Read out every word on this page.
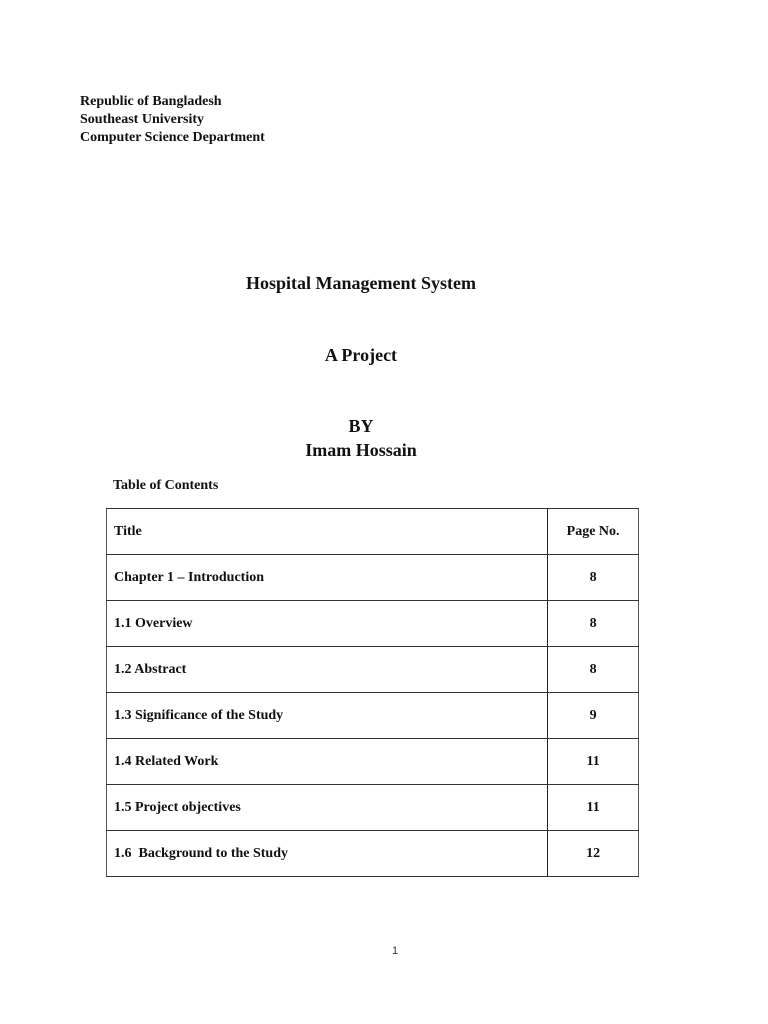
Republic of Bangladesh
Southeast University
Computer Science Department
Hospital Management System
A Project
BY
Imam Hossain
Table of Contents
Title	Page No.
Chapter 1 – Introduction	8
1.1 Overview	8
1.2 Abstract	8
1.3 Significance of the Study	9
1.4 Related Work	11
1.5 Project objectives	11
1.6  Background to the Study	12
1
